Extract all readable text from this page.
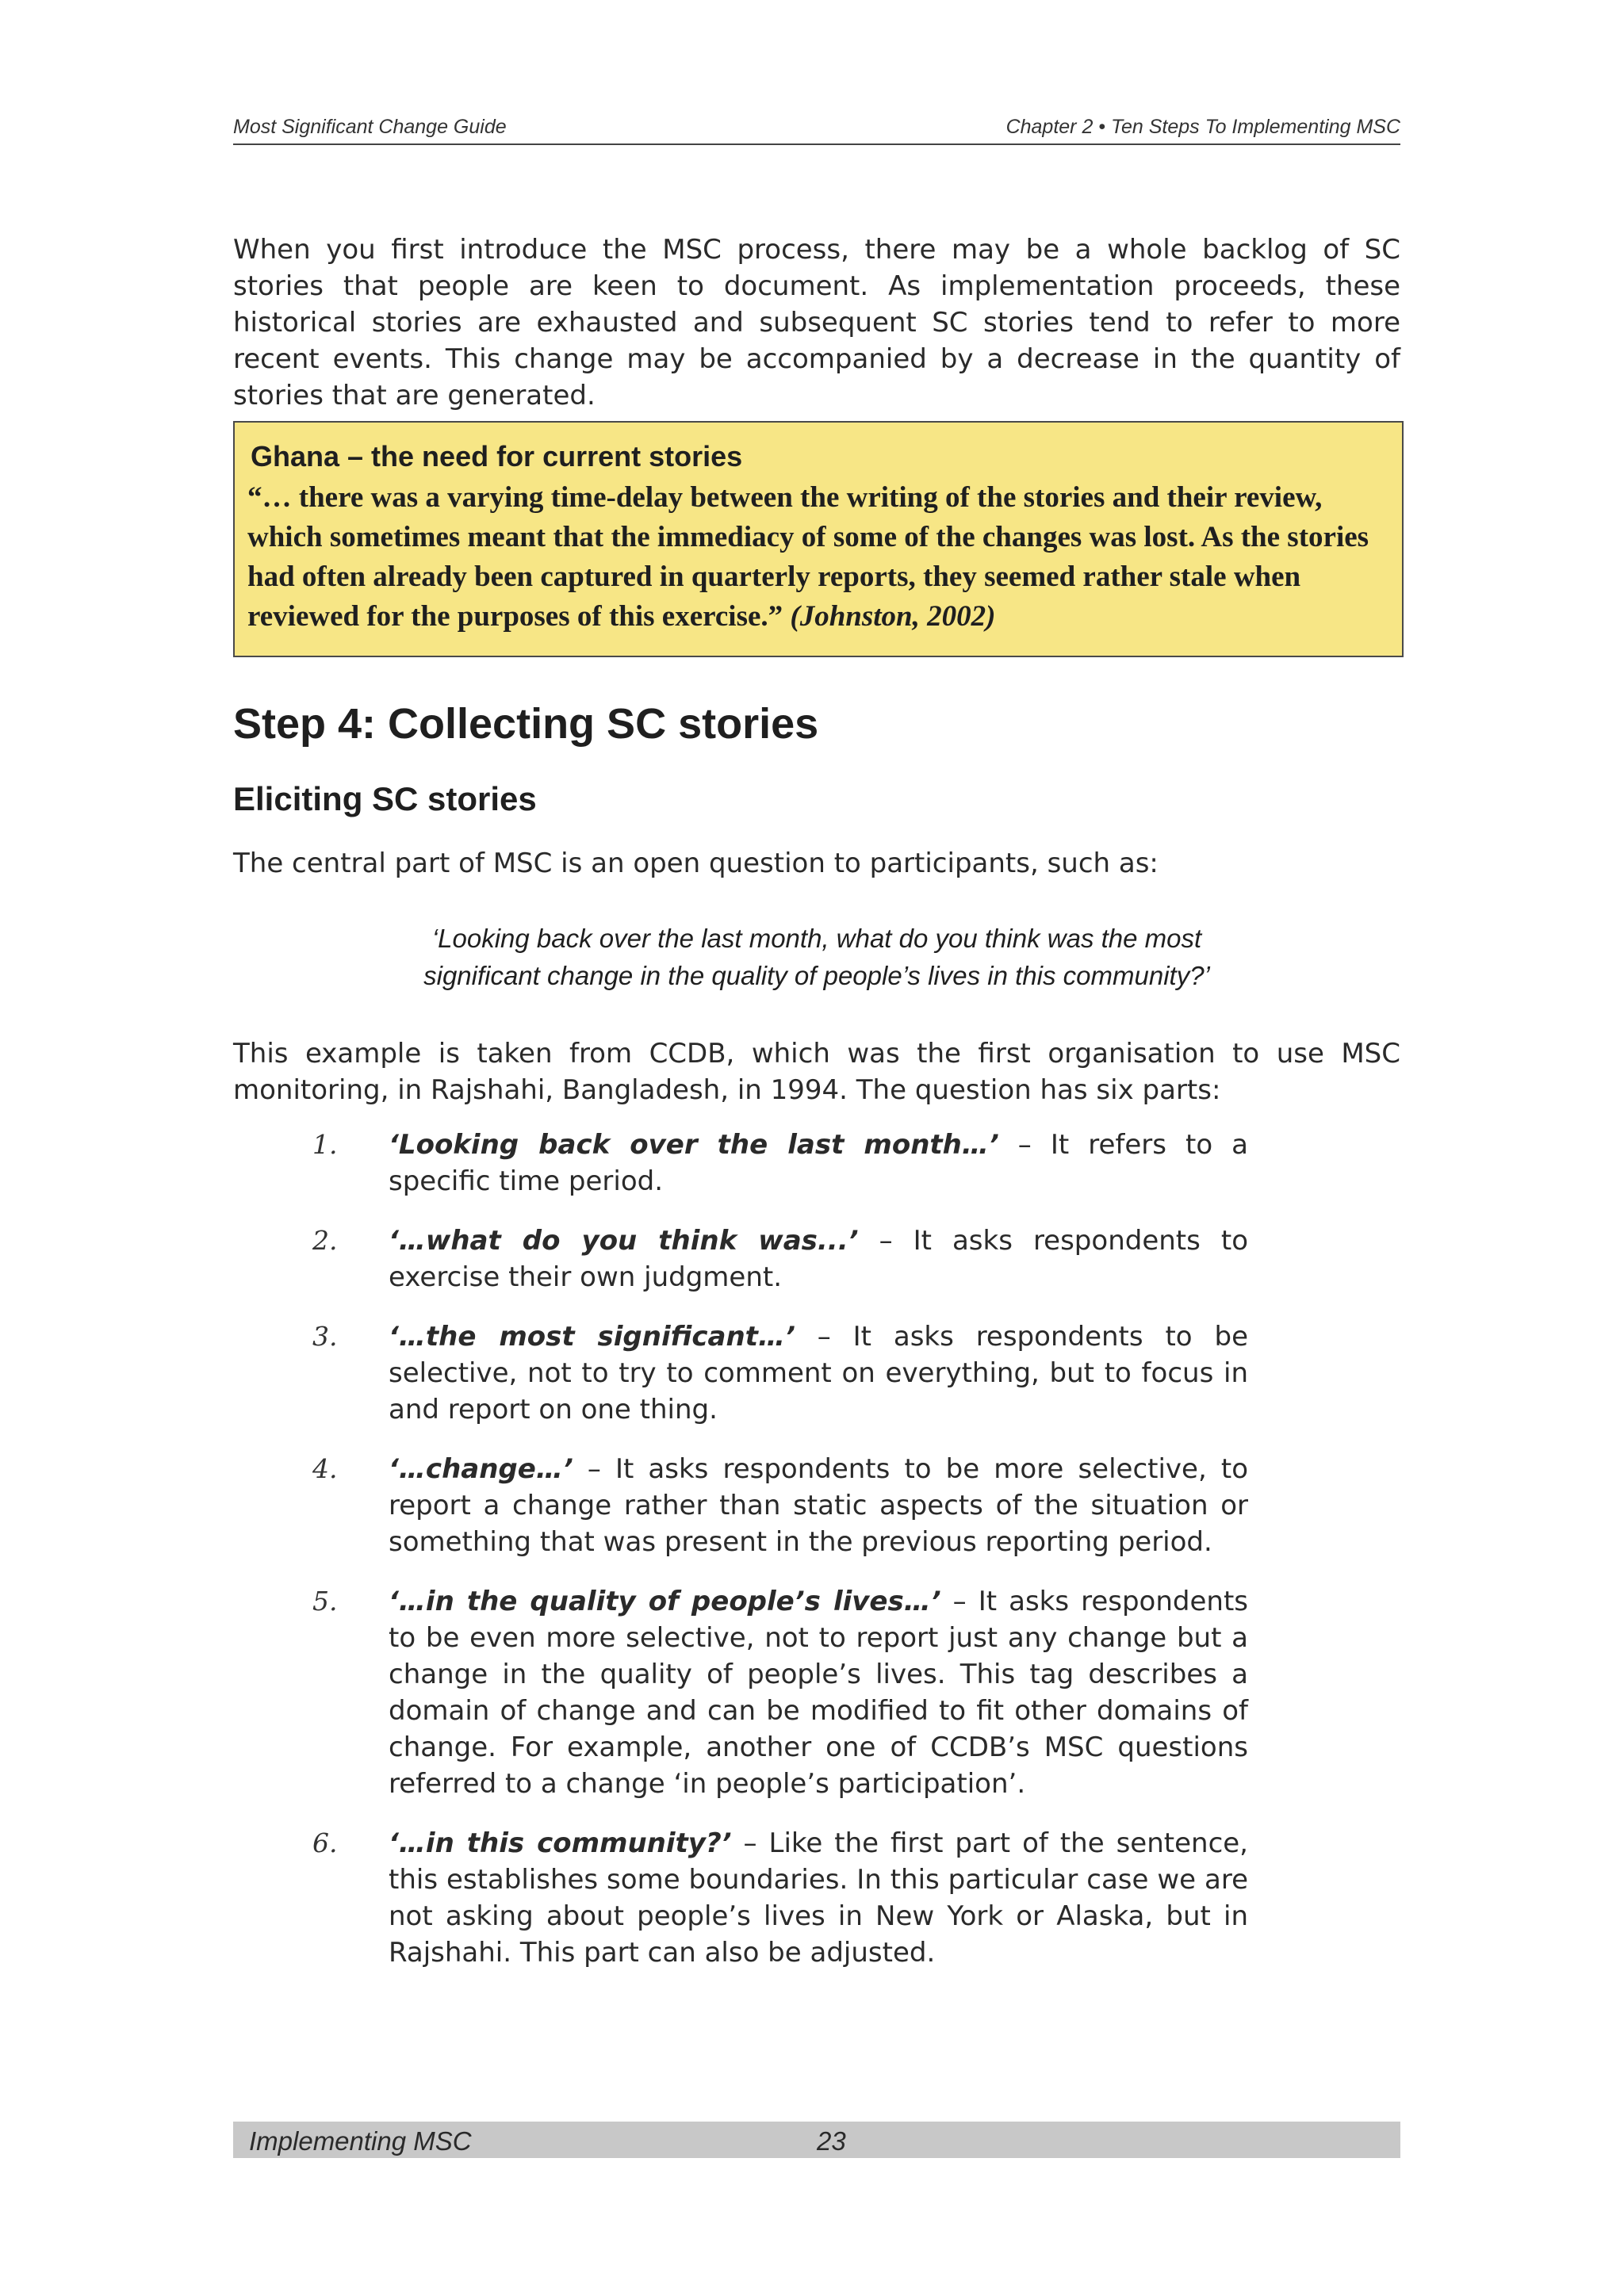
Most Significant Change Guide	Chapter 2 • Ten Steps To Implementing MSC

When you first introduce the MSC process, there may be a whole backlog of SC stories that people are keen to document. As implementation proceeds, these historical stories are exhausted and subsequent SC stories tend to refer to more recent events. This change may be accompanied by a decrease in the quantity of stories that are generated.

Ghana – the need for current stories
“… there was a varying time-delay between the writing of the stories and their review, which sometimes meant that the immediacy of some of the changes was lost. As the stories had often already been captured in quarterly reports, they seemed rather stale when reviewed for the purposes of this exercise.” (Johnston, 2002)
Step 4: Collecting SC stories
Eliciting SC stories

The central part of MSC is an open question to participants, such as:

‘Looking back over the last month, what do you think was the most
significant change in the quality of people’s lives in this community?’

This example is taken from CCDB, which was the first organisation to use MSC monitoring, in Rajshahi, Bangladesh, in 1994. The question has six parts:

1. ‘Looking back over the last month…’ – It refers to a specific time period.
2. ‘…what do you think was...’ – It asks respondents to exercise their own judgment.
3. ‘…the most significant…’ – It asks respondents to be selective, not to try to comment on everything, but to focus in and report on one thing.
4. ‘…change…’ – It asks respondents to be more selective, to report a change rather than static aspects of the situation or something that was present in the previous reporting period.
5. ‘…in the quality of people’s lives…’ – It asks respondents to be even more selective, not to report just any change but a change in the quality of people’s lives. This tag describes a domain of change and can be modified to fit other domains of change. For example, another one of CCDB’s MSC questions referred to a change ‘in people’s participation’.
6. ‘…in this community?’ – Like the first part of the sentence, this establishes some boundaries. In this particular case we are not asking about people’s lives in New York or Alaska, but in Rajshahi. This part can also be adjusted.
Implementing MSC	23
